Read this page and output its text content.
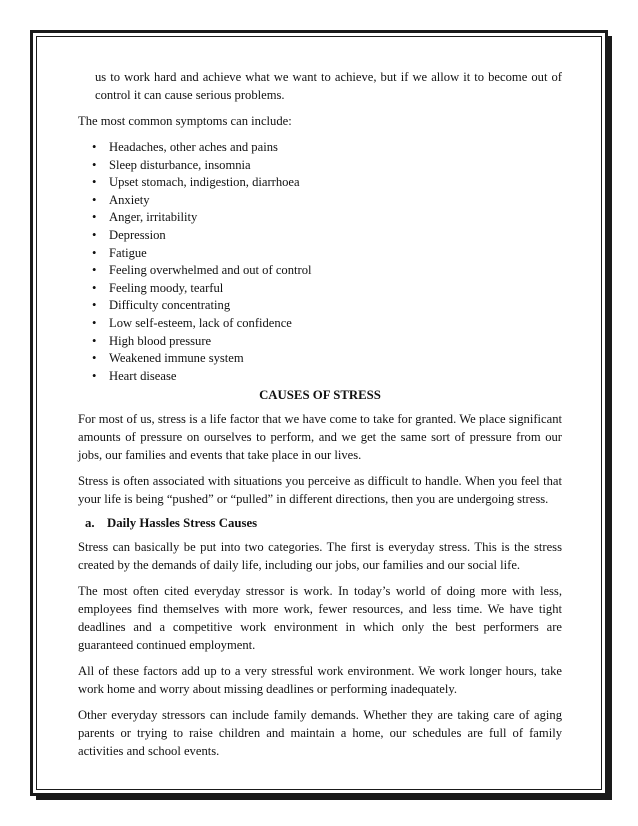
us to work hard and achieve what we want to achieve, but if we allow it to become out of control it can cause serious problems.

The most common symptoms can include:

• Headaches, other aches and pains
• Sleep disturbance, insomnia
• Upset stomach, indigestion, diarrhoea
• Anxiety
• Anger, irritability
• Depression
• Fatigue
• Feeling overwhelmed and out of control
• Feeling moody, tearful
• Difficulty concentrating
• Low self-esteem, lack of confidence
• High blood pressure
• Weakened immune system
• Heart disease
CAUSES OF STRESS

For most of us, stress is a life factor that we have come to take for granted. We place significant amounts of pressure on ourselves to perform, and we get the same sort of pressure from our jobs, our families and events that take place in our lives.

Stress is often associated with situations you perceive as difficult to handle. When you feel that your life is being “pushed” or “pulled” in different directions, then you are undergoing stress.

a. Daily Hassles Stress Causes

Stress can basically be put into two categories. The first is everyday stress. This is the stress created by the demands of daily life, including our jobs, our families and our social life.

The most often cited everyday stressor is work. In today’s world of doing more with less, employees find themselves with more work, fewer resources, and less time. We have tight deadlines and a competitive work environment in which only the best performers are guaranteed continued employment.

All of these factors add up to a very stressful work environment. We work longer hours, take work home and worry about missing deadlines or performing inadequately.

Other everyday stressors can include family demands. Whether they are taking care of aging parents or trying to raise children and maintain a home, our schedules are full of family activities and school events.
